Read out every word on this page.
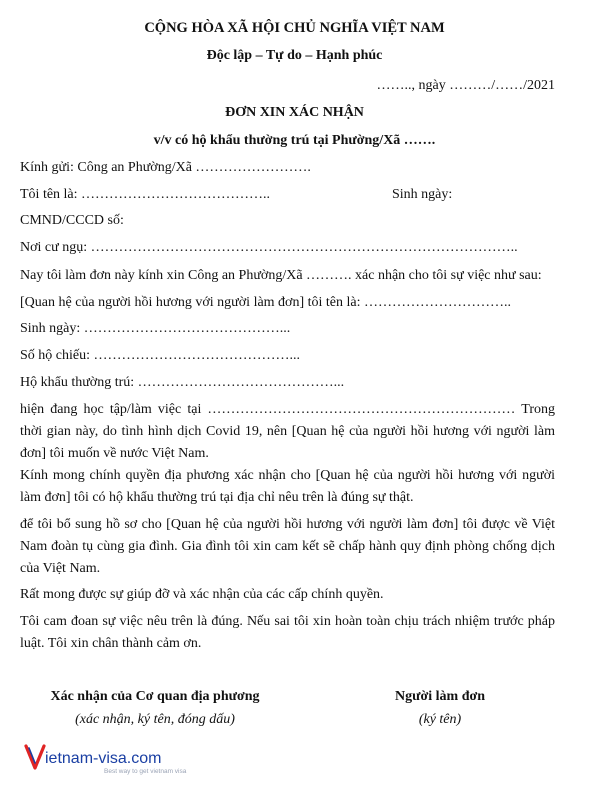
CỘNG HÒA XÃ HỘI CHỦ NGHĨA VIỆT NAM
Độc lập – Tự do – Hạnh phúc
…….., ngày ………/……/2021
ĐƠN XIN XÁC NHẬN
v/v có hộ khẩu thường trú tại Phường/Xã …….
Kính gửi: Công an Phường/Xã …………………….
Tôi tên là: …………………………………..	Sinh ngày:
CMND/CCCD số:
Nơi cư ngụ: ………………………………………………………………………………..
Nay tôi làm đơn này kính xin Công an Phường/Xã ………. xác nhận cho tôi sự việc như sau:
[Quan hệ của người hồi hương với người làm đơn] tôi tên là: …………………………..
Sinh ngày: ……………………………………...
Số hộ chiếu: ……………………………………...
Hộ khẩu thường trú: ……………………………………...
hiện đang học tập/làm việc tại ………………………………………………………… Trong thời gian này, do tình hình dịch Covid 19, nên [Quan hệ của người hồi hương với người làm đơn] tôi muốn về nước Việt Nam.
Kính mong chính quyền địa phương xác nhận cho [Quan hệ của người hồi hương với người làm đơn] tôi có hộ khẩu thường trú tại địa chỉ nêu trên là đúng sự thật.
để tôi bổ sung hồ sơ cho [Quan hệ của người hồi hương với người làm đơn] tôi được về Việt Nam đoàn tụ cùng gia đình. Gia đình tôi xin cam kết sẽ chấp hành quy định phòng chống dịch của Việt Nam.
Rất mong được sự giúp đỡ và xác nhận của các cấp chính quyền.
Tôi cam đoan sự việc nêu trên là đúng. Nếu sai tôi xin hoàn toàn chịu trách nhiệm trước pháp luật. Tôi xin chân thành cảm ơn.
Xác nhận của Cơ quan địa phương
(xác nhận, ký tên, đóng dấu)
Người làm đơn
(ký tên)
ietnam-visa.com
Best way to get vietnam visa
